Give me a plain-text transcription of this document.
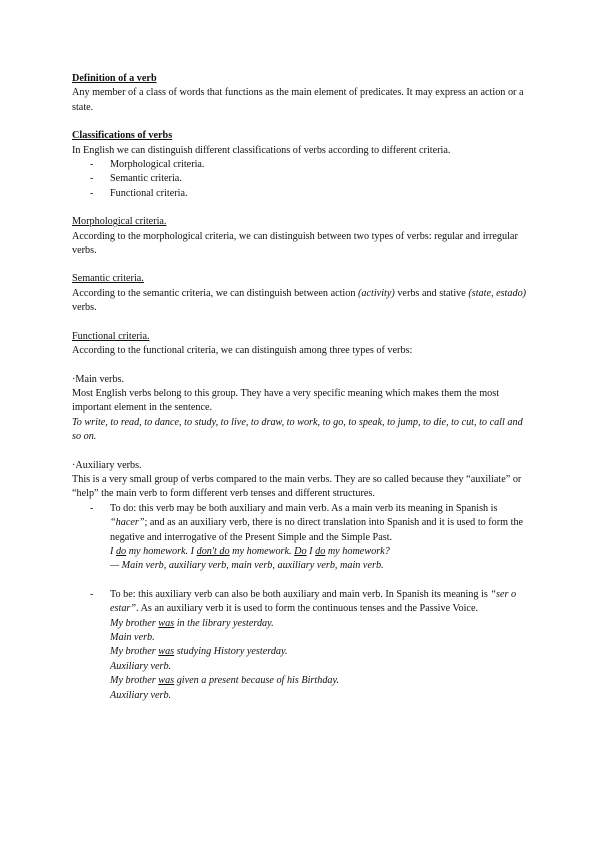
Definition of a verb

Any member of a class of words that functions as the main element of predicates. It may express an action or a state.

Classifications of verbs

In English we can distinguish different classifications of verbs according to different criteria.

- Morphological criteria.
- Semantic criteria.
- Functional criteria.

Morphological criteria.

According to the morphological criteria, we can distinguish between two types of verbs: regular and irregular verbs.

Semantic criteria.

According to the semantic criteria, we can distinguish between action (activity) verbs and stative (state, estado) verbs.

Functional criteria.

According to the functional criteria, we can distinguish among three types of verbs:

·Main verbs.

Most English verbs belong to this group. They have a very specific meaning which makes them the most important element in the sentence.

To write, to read, to dance, to study, to live, to draw, to work, to go, to speak, to jump, to die, to cut, to call and so on.

·Auxiliary verbs.

This is a very small group of verbs compared to the main verbs. They are so called because they “auxiliate” or “help” the main verb to form different verb tenses and different structures.

- To do: this verb may be both auxiliary and main verb. As a main verb its meaning in Spanish is “hacer”; and as an auxiliary verb, there is no direct translation into Spanish and it is used to form the negative and interrogative of the Present Simple and the Simple Past.

I do my homework. I don't do my homework. Do I do my homework?

— Main verb, auxiliary verb, main verb, auxiliary verb, main verb.

- To be: this auxiliary verb can also be both auxiliary and main verb. In Spanish its meaning is “ser o estar”. As an auxiliary verb it is used to form the continuous tenses and the Passive Voice.

My brother was in the library yesterday.

Main verb.

My brother was studying History yesterday.

Auxiliary verb.

My brother was given a present because of his Birthday.

Auxiliary verb.
